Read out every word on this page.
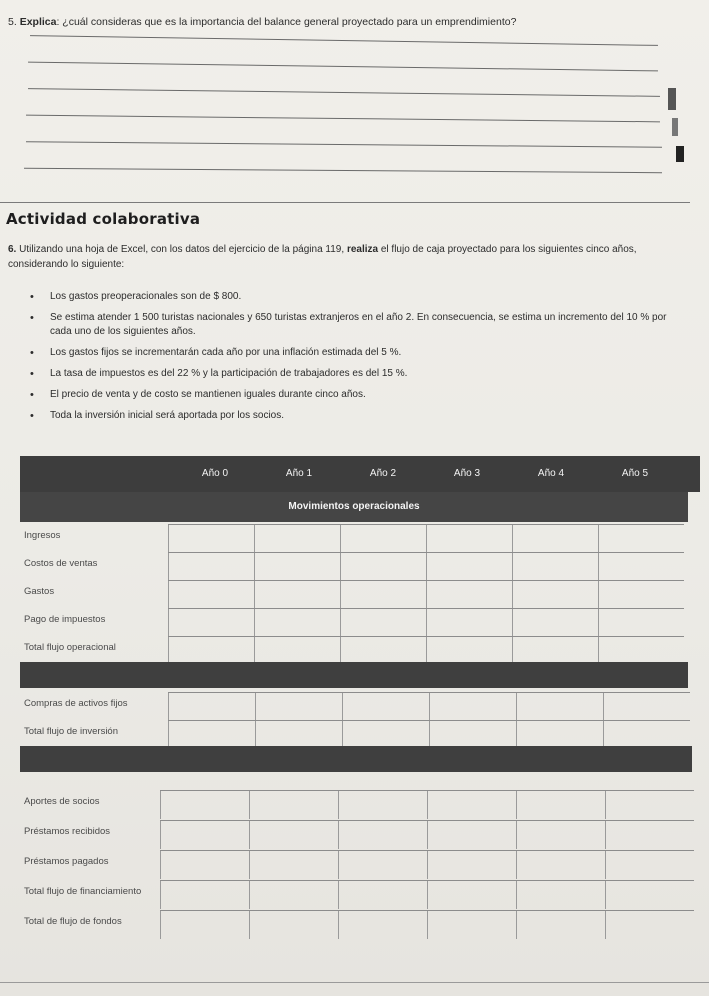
5. Explica: ¿cuál consideras que es la importancia del balance general proyectado para un emprendimiento?
Actividad colaborativa
6. Utilizando una hoja de Excel, con los datos del ejercicio de la página 119, realiza el flujo de caja proyectado para los siguientes cinco años, considerando lo siguiente:
• Los gastos preoperacionales son de $ 800.
• Se estima atender 1 500 turistas nacionales y 650 turistas extranjeros en el año 2. En consecuencia, se estima un incremento del 10 % por cada uno de los siguientes años.
• Los gastos fijos se incrementarán cada año por una inflación estimada del 5 %.
• La tasa de impuestos es del 22 % y la participación de trabajadores es del 15 %.
• El precio de venta y de costo se mantienen iguales durante cinco años.
• Toda la inversión inicial será aportada por los socios.
Año 0	Año 1	Año 2	Año 3	Año 4	Año 5
Movimientos operacionales
Ingresos
Costos de ventas
Gastos
Pago de impuestos
Total flujo operacional
Compras de activos fijos
Total flujo de inversión
Aportes de socios
Préstamos recibidos
Préstamos pagados
Total flujo de financiamiento
Total de flujo de fondos
